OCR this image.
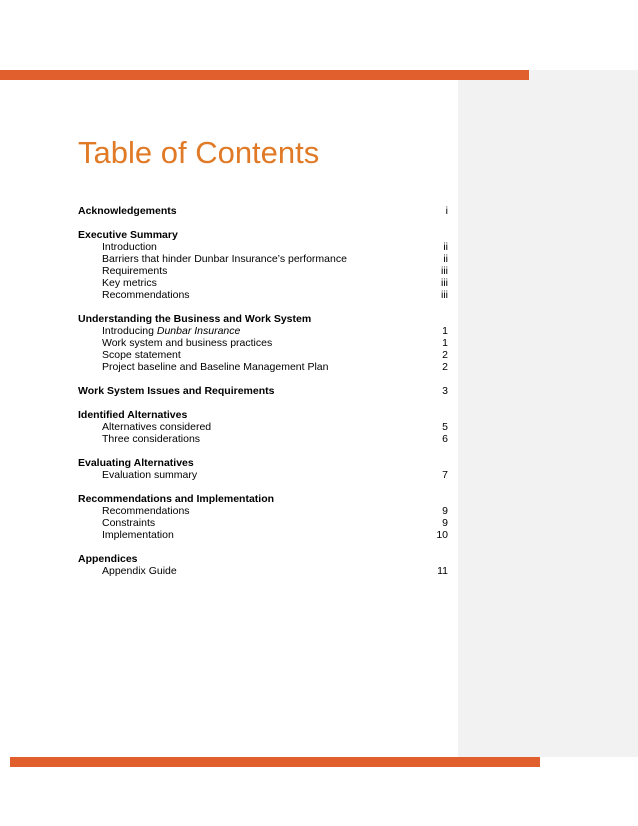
Table of Contents
Acknowledgements	i
Executive Summary
Introduction	ii
Barriers that hinder Dunbar Insurance’s performance	ii
Requirements	iii
Key metrics	iii
Recommendations	iii
Understanding the Business and Work System
Introducing Dunbar Insurance	1
Work system and business practices	1
Scope statement	2
Project baseline and Baseline Management Plan	2
Work System Issues and Requirements	3
Identified Alternatives
Alternatives considered	5
Three considerations	6
Evaluating Alternatives
Evaluation summary	7
Recommendations and Implementation
Recommendations	9
Constraints	9
Implementation	10
Appendices
Appendix Guide	11
